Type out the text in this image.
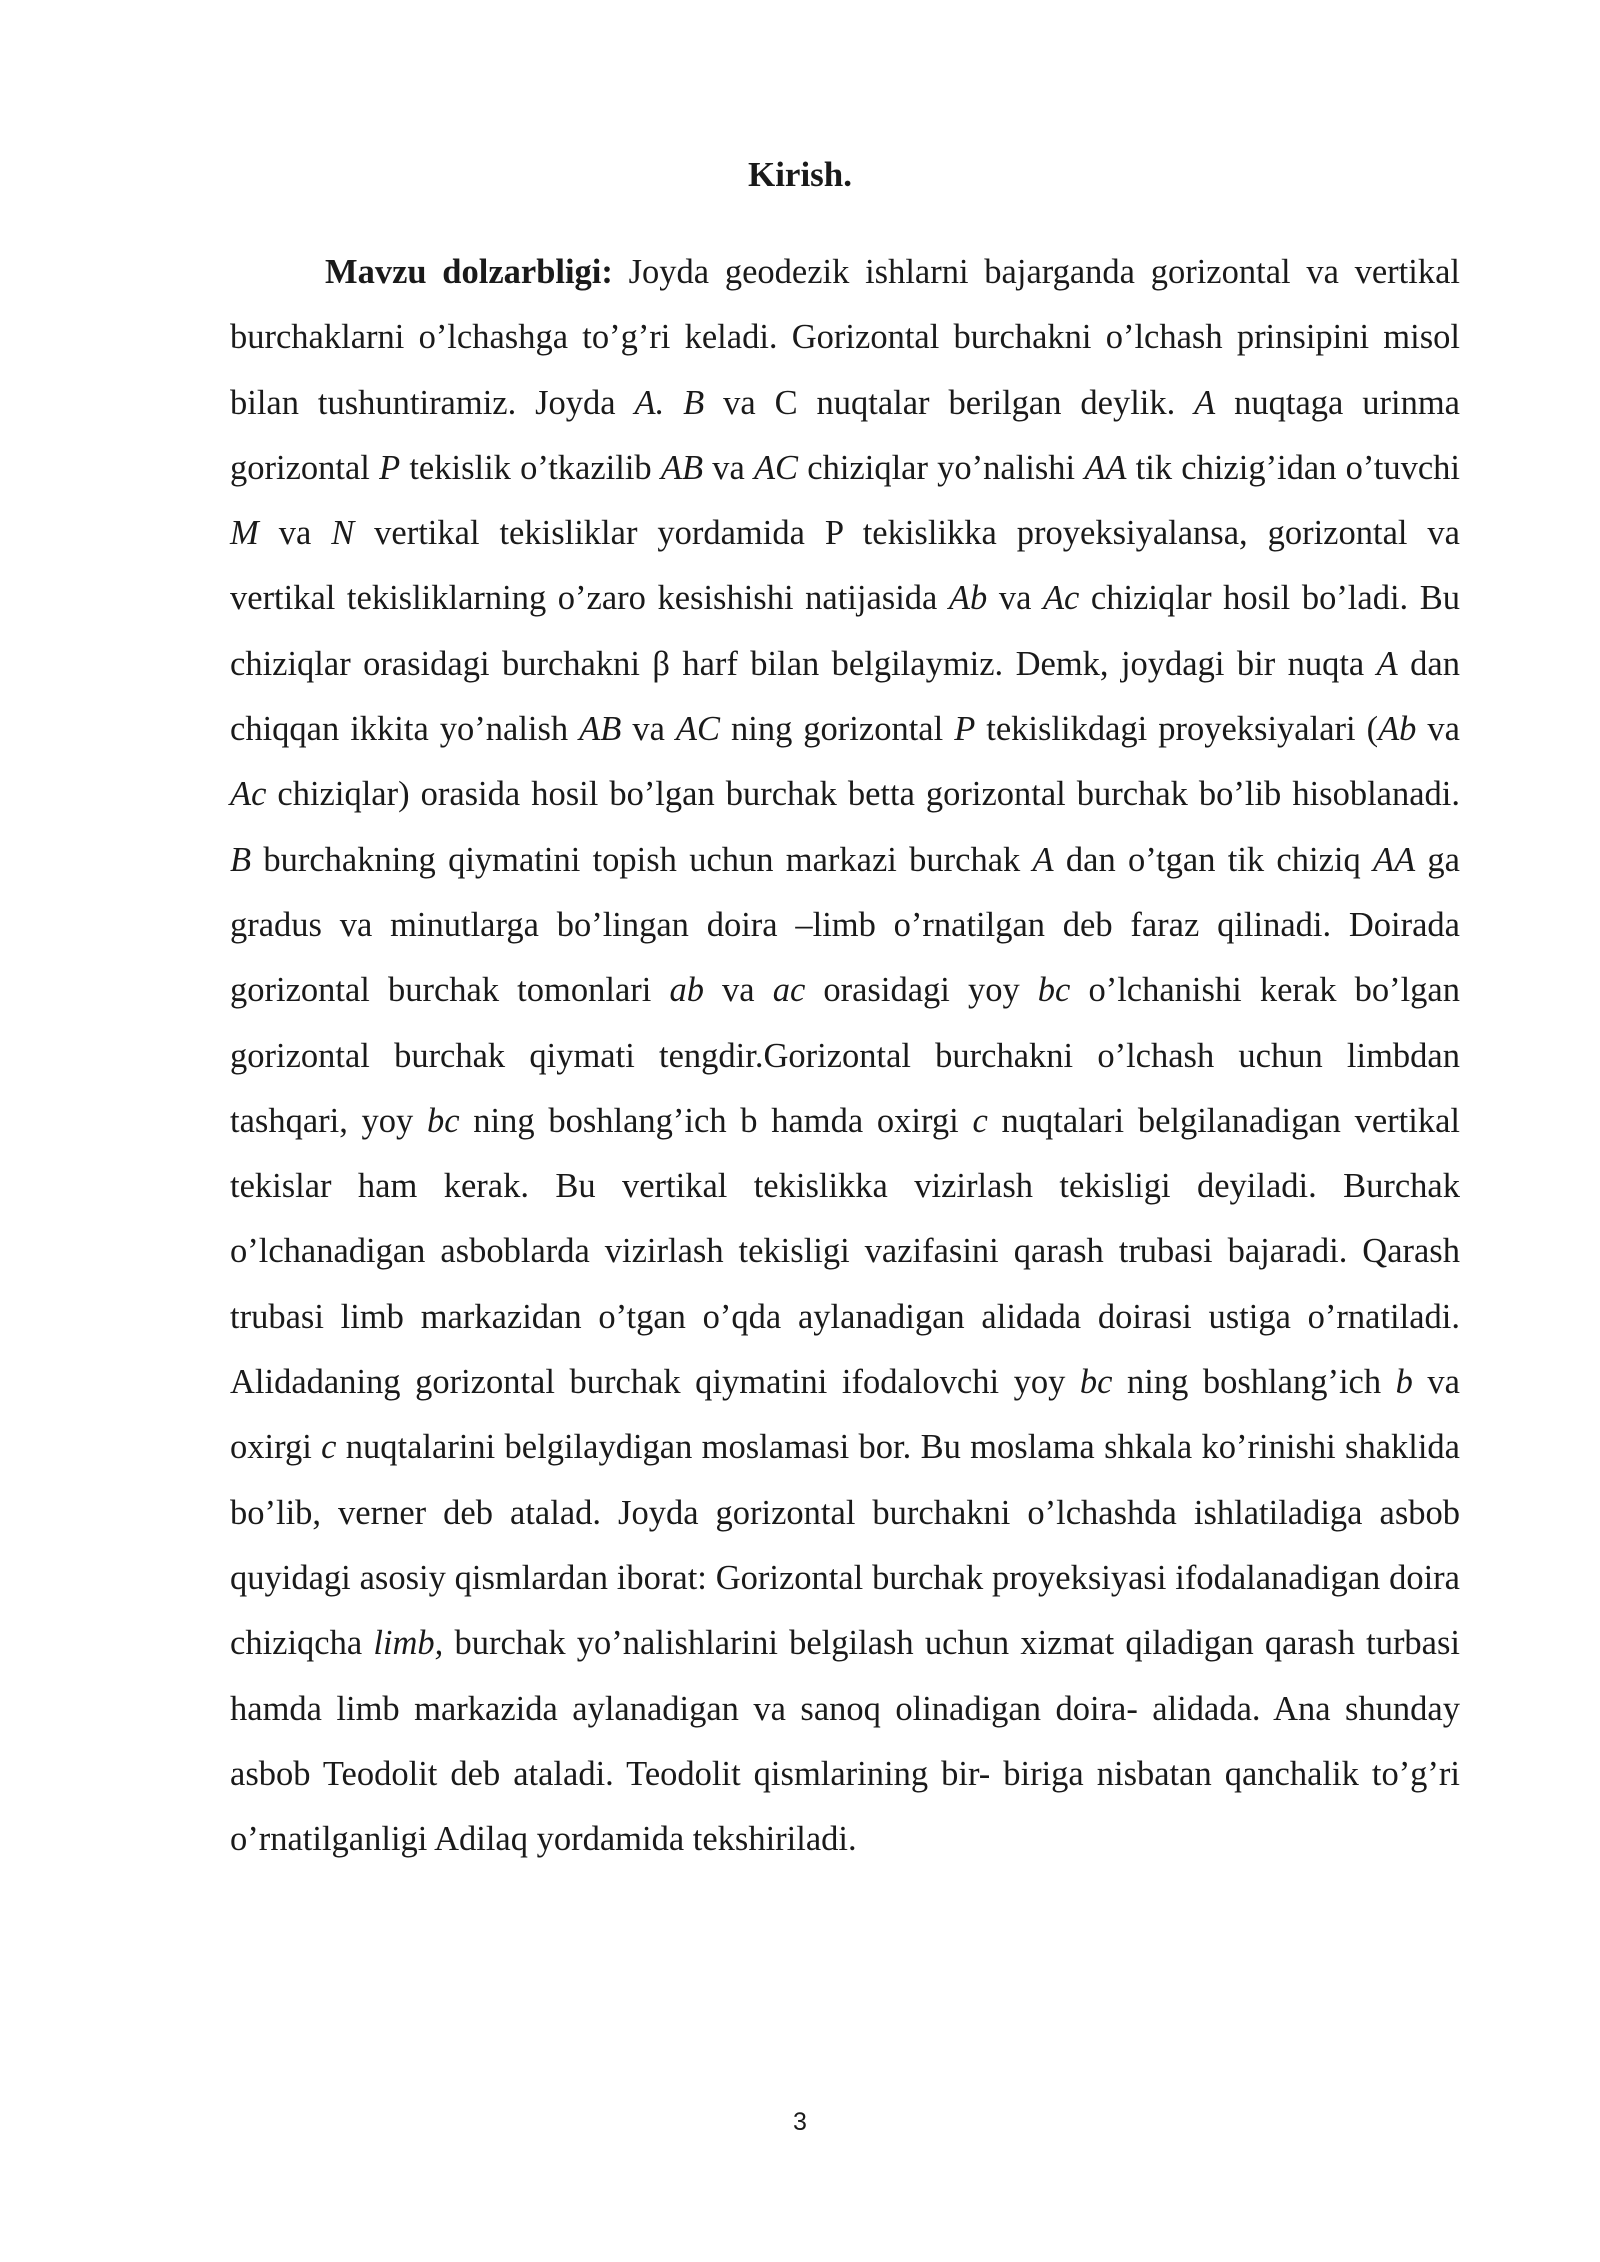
Kirish.

Mavzu dolzarbligi: Joyda geodezik ishlarni bajarganda gorizontal va vertikal burchaklarni o’lchashga to’g’ri keladi. Gorizontal burchakni o’lchash prinsipini misol bilan tushuntiramiz. Joyda A. B va C nuqtalar berilgan deylik. A nuqtaga urinma gorizontal P tekislik o’tkazilib AB va AC chiziqlar yo’nalishi AA tik chizig’idan o’tuvchi M va N vertikal tekisliklar yordamida P tekislikka proyeksiyalansa, gorizontal va vertikal tekisliklarning o’zaro kesishishi natijasida Ab va Ac chiziqlar hosil bo’ladi. Bu chiziqlar orasidagi burchakni β harf bilan belgilaymiz. Demk, joydagi bir nuqta A dan chiqqan ikkita yo’nalish AB va AC ning gorizontal P tekislikdagi proyeksiyalari (Ab va Ac chiziqlar) orasida hosil bo’lgan burchak betta gorizontal burchak bo’lib hisoblanadi. B burchakning qiymatini topish uchun markazi burchak A dan o’tgan tik chiziq AA ga gradus va minutlarga bo’lingan doira –limb o’rnatilgan deb faraz qilinadi. Doirada gorizontal burchak tomonlari ab va ac orasidagi yoy bc o’lchanishi kerak bo’lgan gorizontal burchak qiymati tengdir.Gorizontal burchakni o’lchash uchun limbdan tashqari, yoy bc ning boshlang’ich b hamda oxirgi c nuqtalari belgilanadigan vertikal tekislar ham kerak. Bu vertikal tekislikka vizirlash tekisligi deyiladi. Burchak o’lchanadigan asboblarda vizirlash tekisligi vazifasini qarash trubasi bajaradi. Qarash trubasi limb markazidan o’tgan o’qda aylanadigan alidada doirasi ustiga o’rnatiladi. Alidadaning gorizontal burchak qiymatini ifodalovchi yoy bc ning boshlang’ich b va oxirgi c nuqtalarini belgilaydigan moslamasi bor. Bu moslama shkala ko’rinishi shaklida bo’lib, verner deb atalad. Joyda gorizontal burchakni o’lchashda ishlatiladiga asbob quyidagi asosiy qismlardan iborat: Gorizontal burchak proyeksiyasi ifodalanadigan doira chiziqcha limb, burchak yo’nalishlarini belgilash uchun xizmat qiladigan qarash turbasi hamda limb markazida aylanadigan va sanoq olinadigan doira- alidada. Ana shunday asbob Teodolit deb ataladi. Teodolit qismlarining bir- biriga nisbatan qanchalik to’g’ri o’rnatilganligi Adilaq yordamida tekshiriladi.

3
